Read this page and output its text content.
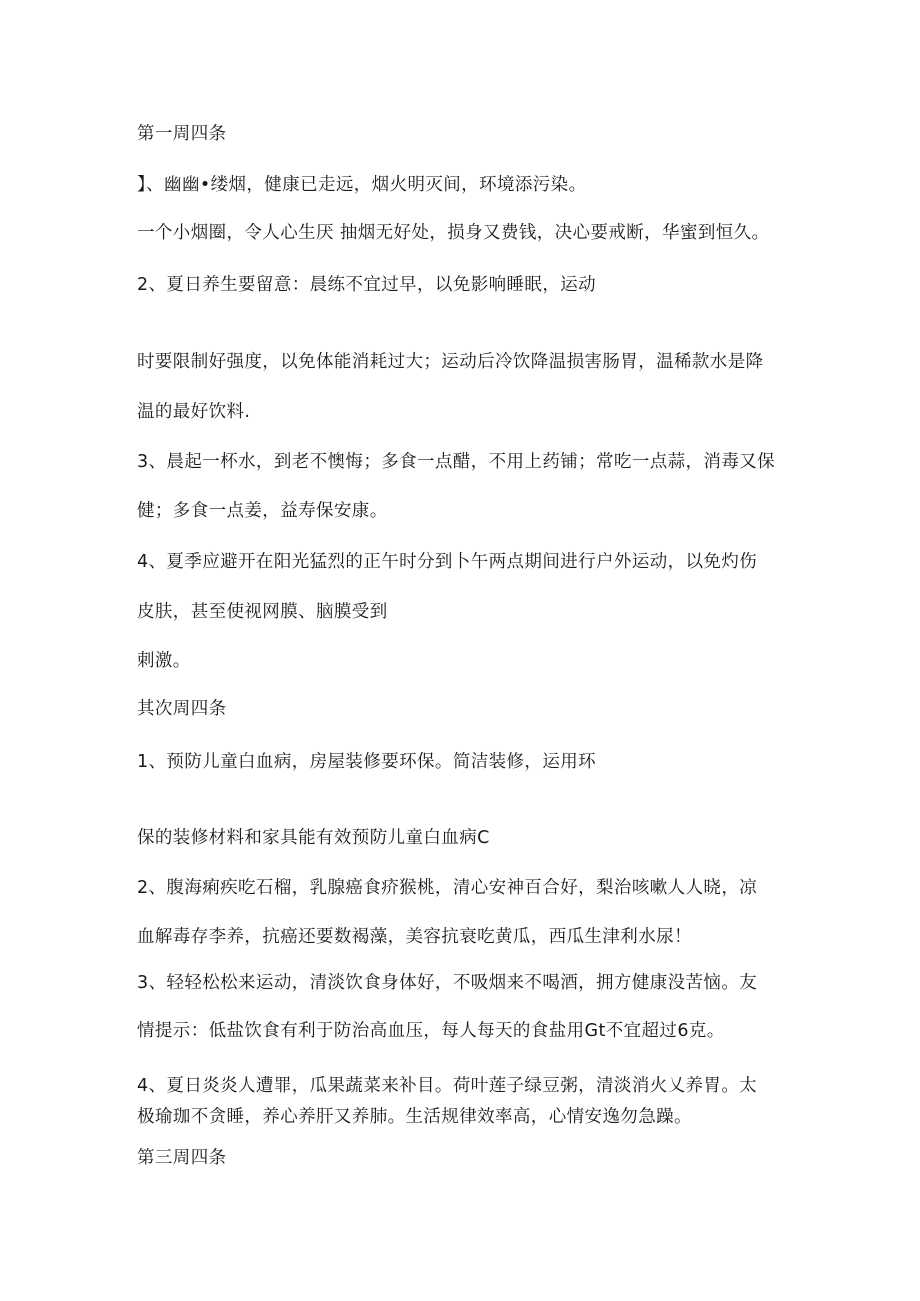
第一周四条
】、幽幽•缕烟，健康已走远，烟火明灭间，环境添污染。
一个小烟圈，令人心生厌 抽烟无好处，损身又费钱，决心要戒断，华蜜到恒久。
2、夏日养生要留意：晨练不宜过早，以免影响睡眠，运动
时要限制好强度，以免体能消耗过大；运动后冷饮降温损害肠胃，温稀款水是降
温的最好饮料.
3、晨起一杯水，到老不懊悔；多食一点醋，不用上药铺；常吃一点蒜，消毒又保
健；多食一点姜，益寿保安康。
4、夏季应避开在阳光猛烈的正午时分到卜午两点期间进行户外运动，以免灼伤
皮肤，甚至使视网膜、脑膜受到
刺激。
其次周四条
1、预防儿童白血病，房屋装修要环保。简洁装修，运用环
保的装修材料和家具能有效预防儿童白血病C
2、腹海痢疾吃石榴，乳腺癌食疥猴桃，清心安神百合好，梨治咳嗽人人晓，凉
血解毒存李养，抗癌还要数褐藻，美容抗衰吃黄瓜，西瓜生津利水尿！
3、轻轻松松来运动，清淡饮食身体好，不吸烟来不喝酒，拥方健康没苦恼。友
情提示：低盐饮食有利于防治高血压，每人每天的食盐用Gt不宜超过6克。
4、夏日炎炎人遭罪，瓜果蔬菜来补目。荷叶莲子绿豆粥，清淡消火乂养胃。太
极瑜珈不贪睡，养心养肝又养肺。生活规律效率高，心情安逸勿急躁。
第三周四条
